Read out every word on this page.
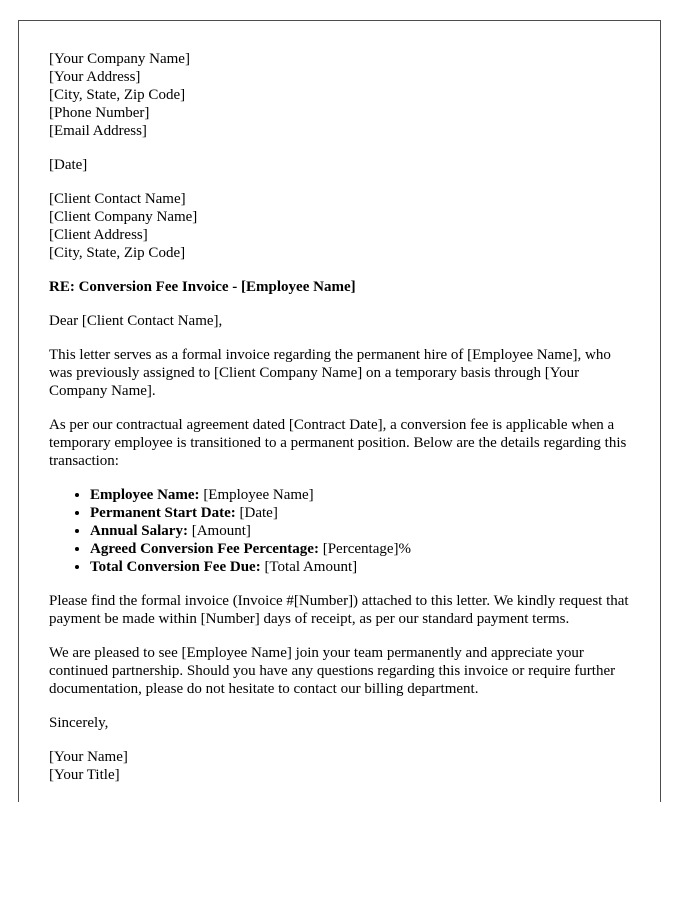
[Your Company Name]
[Your Address]
[City, State, Zip Code]
[Phone Number]
[Email Address]
[Date]
[Client Contact Name]
[Client Company Name]
[Client Address]
[City, State, Zip Code]

RE: Conversion Fee Invoice - [Employee Name]

Dear [Client Contact Name],

This letter serves as a formal invoice regarding the permanent hire of [Employee Name], who was previously assigned to [Client Company Name] on a temporary basis through [Your Company Name].

As per our contractual agreement dated [Contract Date], a conversion fee is applicable when a temporary employee is transitioned to a permanent position. Below are the details regarding this transaction:

• Employee Name: [Employee Name]
• Permanent Start Date: [Date]
• Annual Salary: [Amount]
• Agreed Conversion Fee Percentage: [Percentage]%
• Total Conversion Fee Due: [Total Amount]

Please find the formal invoice (Invoice #[Number]) attached to this letter. We kindly request that payment be made within [Number] days of receipt, as per our standard payment terms.

We are pleased to see [Employee Name] join your team permanently and appreciate your continued partnership. Should you have any questions regarding this invoice or require further documentation, please do not hesitate to contact our billing department.

Sincerely,

[Your Name]
[Your Title]
